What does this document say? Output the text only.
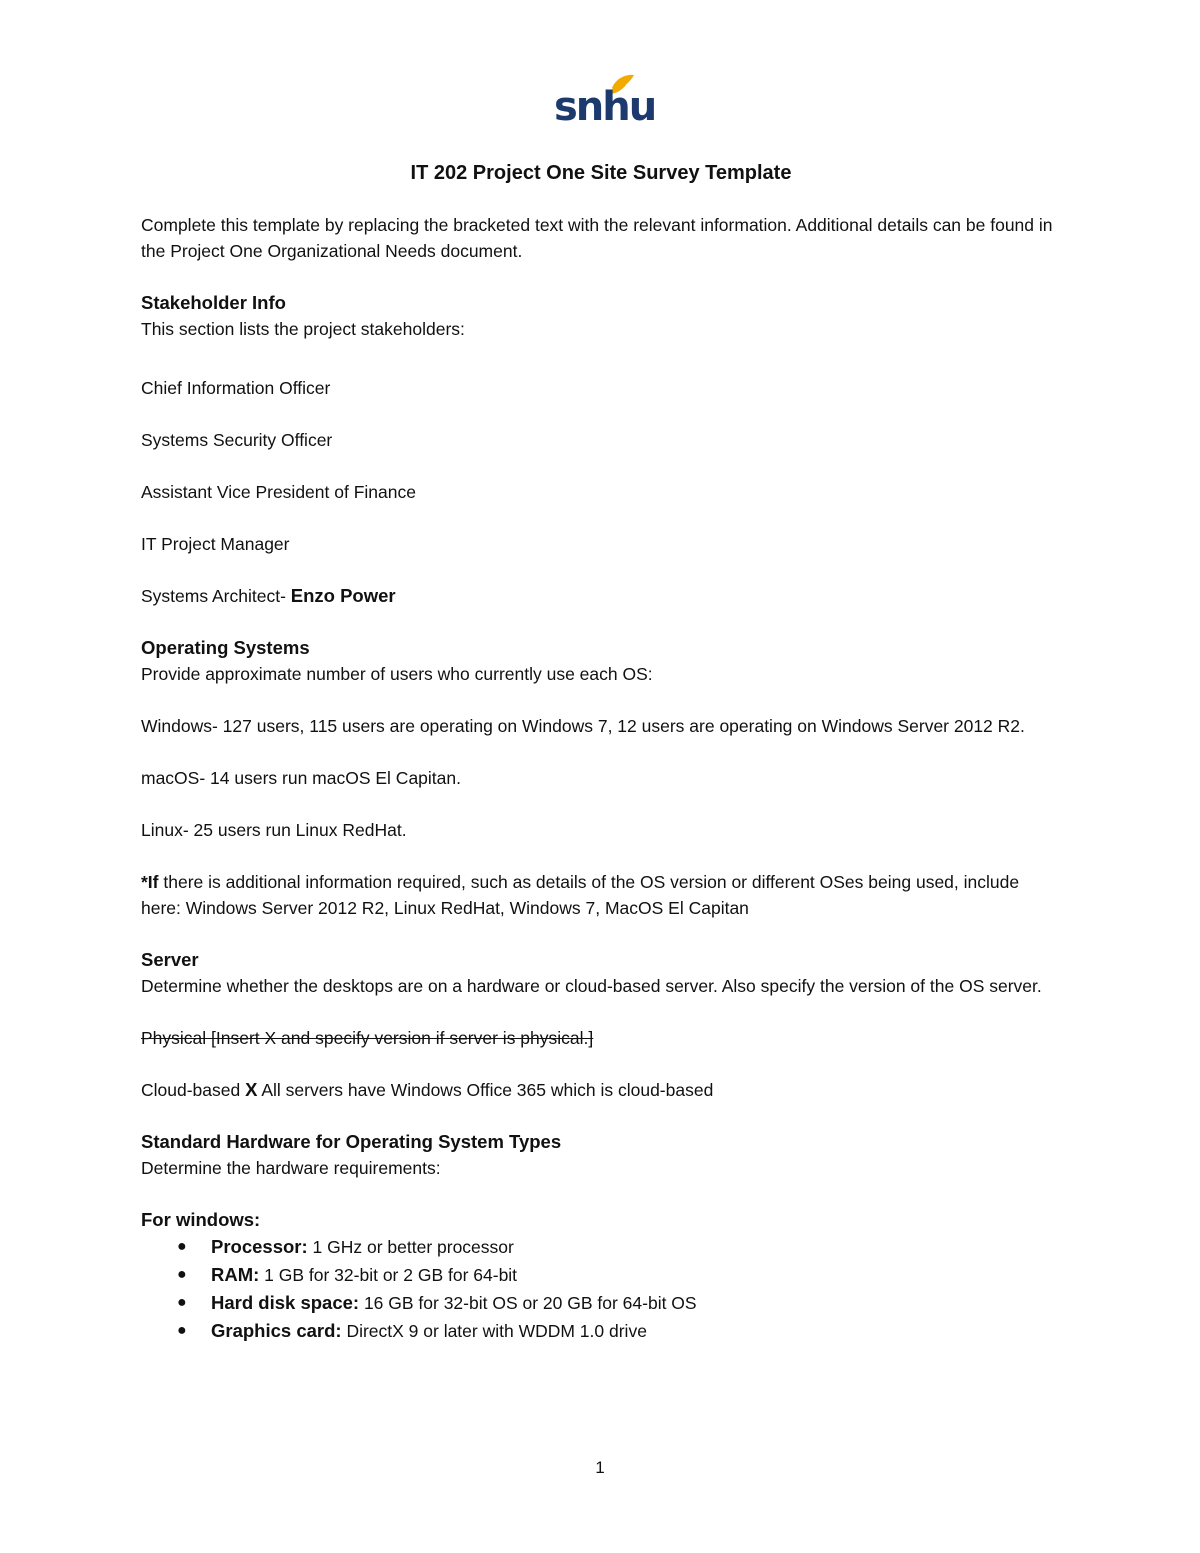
snhu

IT 202 Project One Site Survey Template

Complete this template by replacing the bracketed text with the relevant information. Additional details can be found in the Project One Organizational Needs document.

Stakeholder Info

This section lists the project stakeholders:

Chief Information Officer

Systems Security Officer

Assistant Vice President of Finance

IT Project Manager

Systems Architect- Enzo Power

Operating Systems

Provide approximate number of users who currently use each OS:

Windows- 127 users, 115 users are operating on Windows 7, 12 users are operating on Windows Server 2012 R2.

macOS- 14 users run macOS El Capitan.

Linux- 25 users run Linux RedHat.

*If there is additional information required, such as details of the OS version or different OSes being used, include here: Windows Server 2012 R2, Linux RedHat, Windows 7, MacOS El Capitan

Server

Determine whether the desktops are on a hardware or cloud-based server. Also specify the version of the OS server.

Physical [Insert X and specify version if server is physical.]

Cloud-based X All servers have Windows Office 365 which is cloud-based

Standard Hardware for Operating System Types

Determine the hardware requirements:

For windows:

● Processor: 1 GHz or better processor
● RAM: 1 GB for 32-bit or 2 GB for 64-bit
● Hard disk space: 16 GB for 32-bit OS or 20 GB for 64-bit OS
● Graphics card: DirectX 9 or later with WDDM 1.0 drive
1
